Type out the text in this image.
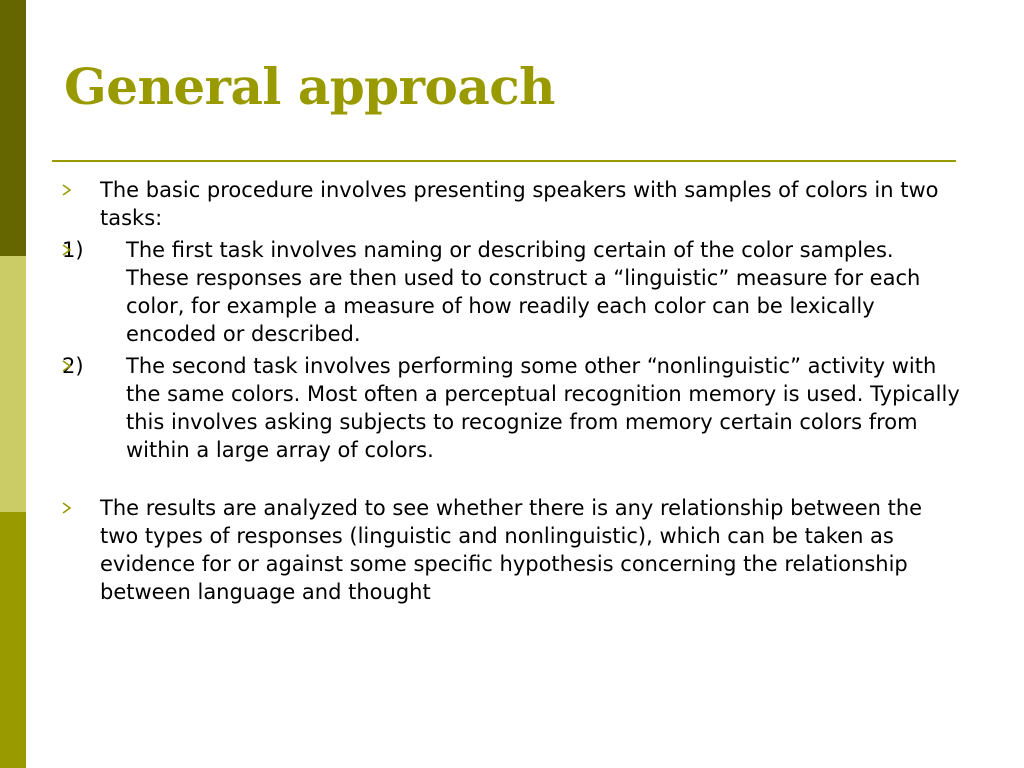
General approach
The basic procedure involves presenting speakers with samples of colors in two tasks:
1) The first task involves naming or describing certain of the color samples. These responses are then used to construct a “linguistic” measure for each color, for example a measure of how readily each color can be lexically encoded or described.
2) The second task involves performing some other “nonlinguistic” activity with the same colors. Most often a perceptual recognition memory is used. Typically this involves asking subjects to recognize from memory certain colors from within a large array of colors.
The results are analyzed to see whether there is any relationship between the two types of responses (linguistic and nonlinguistic), which can be taken as evidence for or against some specific hypothesis concerning the relationship between language and thought
